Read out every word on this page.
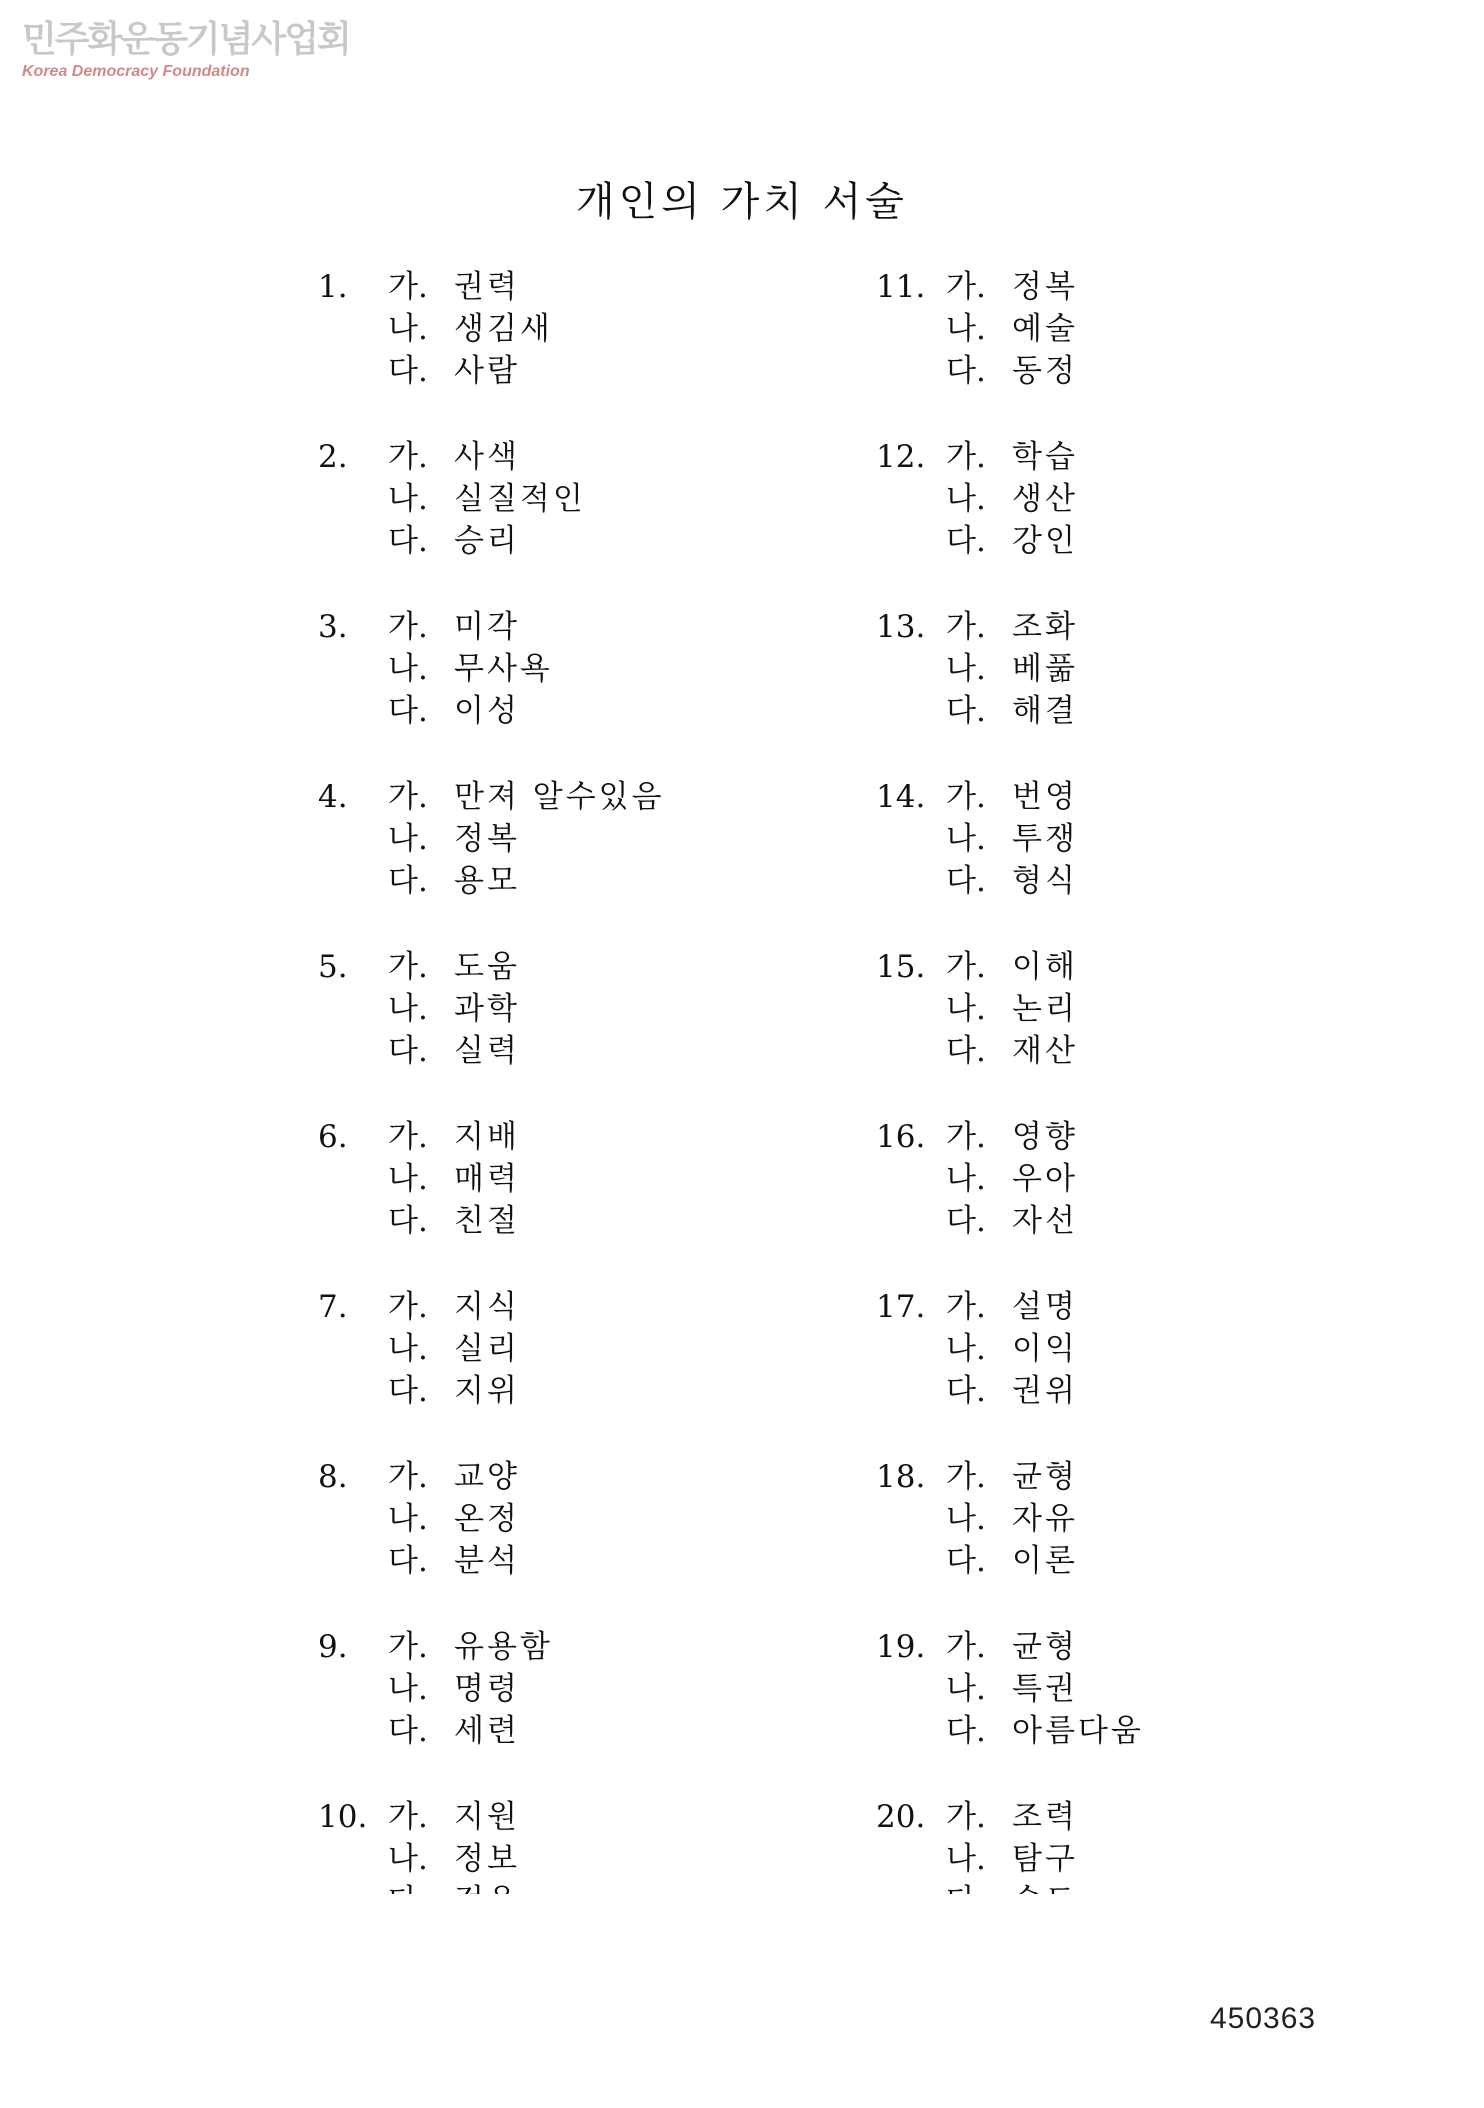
민주화운동기념사업회
Korea Democracy Foundation
개인의 가치 서술
1. 가. 권력
나. 생김새
다. 사람
2. 가. 사색
나. 실질적인
다. 승리
3. 가. 미각
나. 무사욕
다. 이성
4. 가. 만져 알수있음
나. 정복
다. 용모
5. 가. 도움
나. 과학
다. 실력
6. 가. 지배
나. 매력
다. 친절
7. 가. 지식
나. 실리
다. 지위
8. 가. 교양
나. 온정
다. 분석
9. 가. 유용함
나. 명령
다. 세련
10. 가. 지원
나. 정보
11. 가. 정복
나. 예술
다. 동정
12. 가. 학습
나. 생산
다. 강인
13. 가. 조화
나. 베풂
다. 해결
14. 가. 번영
나. 투쟁
다. 형식
15. 가. 이해
나. 논리
다. 재산
16. 가. 영향
나. 우아
다. 자선
17. 가. 설명
나. 이익
다. 권위
18. 가. 균형
나. 자유
다. 이론
19. 가. 균형
나. 특권
다. 아름다움
20. 가. 조력
나. 탐구
450363
